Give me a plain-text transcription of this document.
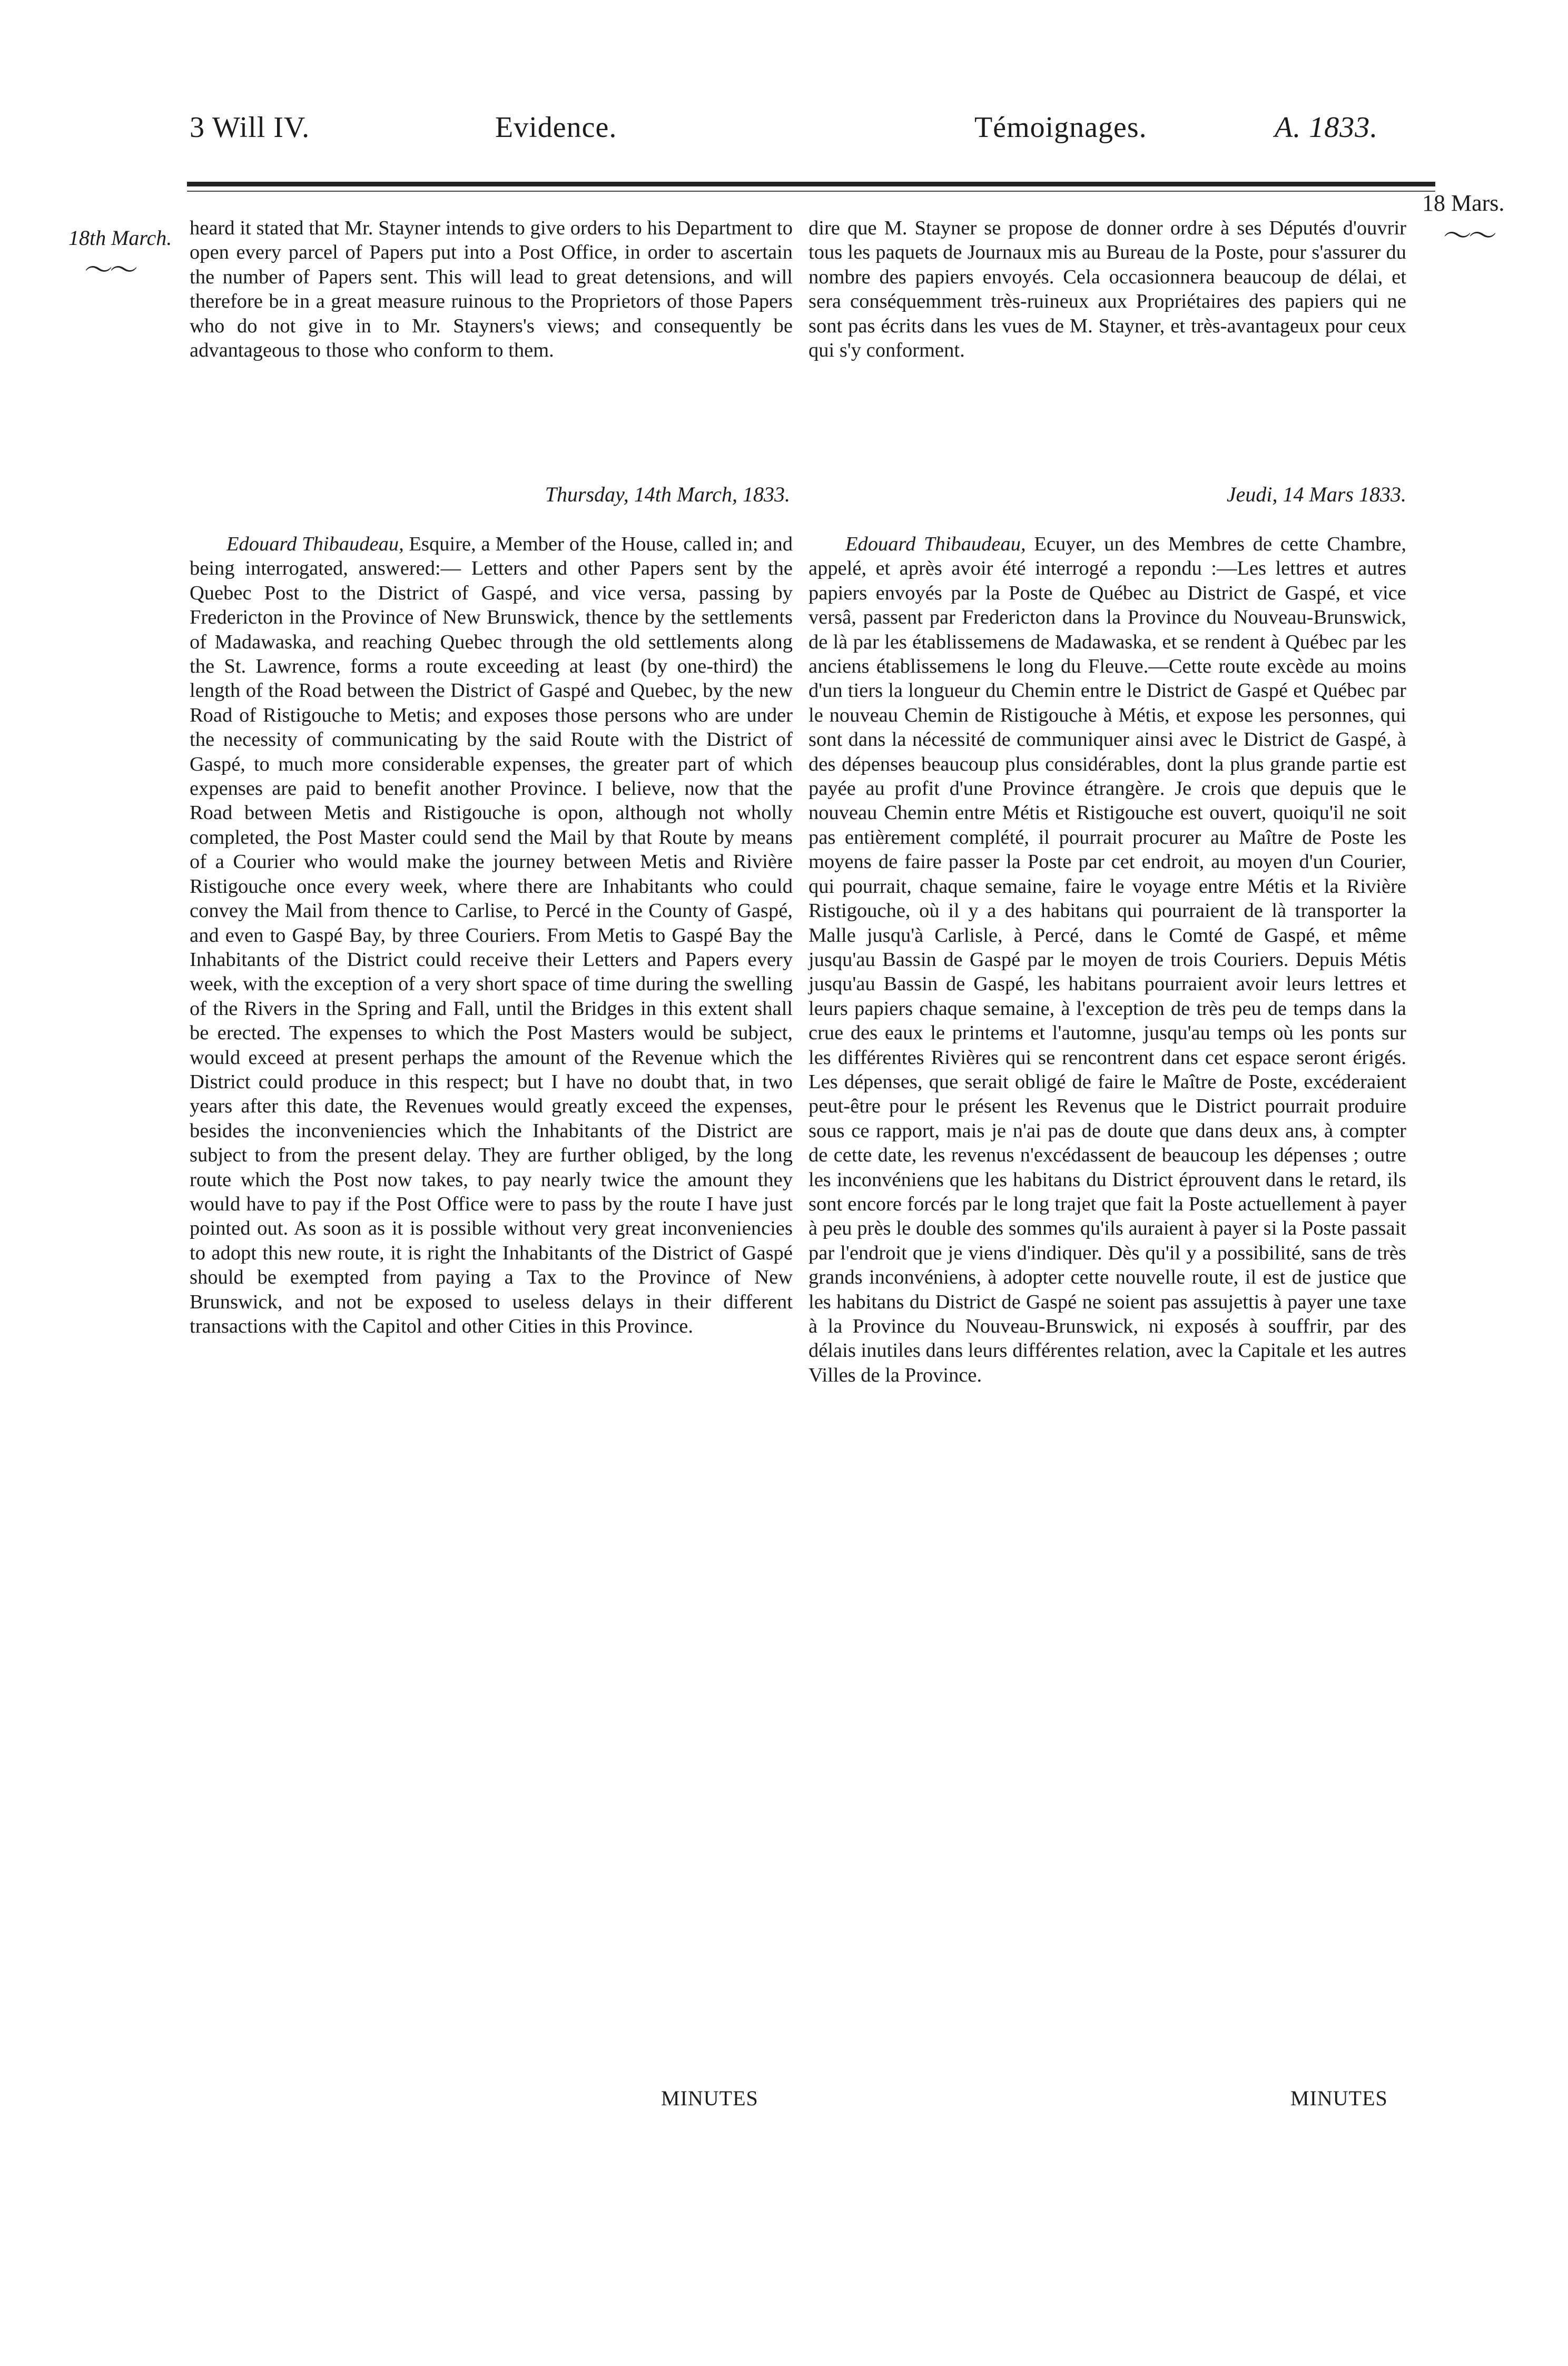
3 Will IV.	Evidence.	Témoignages.	A. 1833.
18th March.
〜〜
18 Mars.
〜〜

heard it stated that Mr. Stayner intends to give orders to his Department to open every parcel of Papers put into a Post Office, in order to ascertain the number of Papers sent. This will lead to great detensions, and will therefore be in a great measure ruinous to the Proprietors of those Papers who do not give in to Mr. Stayners's views; and consequently be advantageous to those who conform to them.

dire que M. Stayner se propose de donner ordre à ses Députés d'ouvrir tous les paquets de Journaux mis au Bureau de la Poste, pour s'assurer du nombre des papiers envoyés. Cela occasionnera beaucoup de délai, et sera conséquemment très-ruineux aux Propriétaires des papiers qui ne sont pas écrits dans les vues de M. Stayner, et très-avantageux pour ceux qui s'y conforment.

Thursday, 14th March, 1833.	Jeudi, 14 Mars 1833.

Edouard Thibaudeau, Esquire, a Member of the House, called in; and being interrogated, answered:— Letters and other Papers sent by the Quebec Post to the District of Gaspé, and vice versa, passing by Fredericton in the Province of New Brunswick, thence by the settlements of Madawaska, and reaching Quebec through the old settlements along the St. Lawrence, forms a route exceeding at least (by one-third) the length of the Road between the District of Gaspé and Quebec, by the new Road of Ristigouche to Metis; and exposes those persons who are under the necessity of communicating by the said Route with the District of Gaspé, to much more considerable expenses, the greater part of which expenses are paid to benefit another Province. I believe, now that the Road between Metis and Ristigouche is opon, although not wholly completed, the Post Master could send the Mail by that Route by means of a Courier who would make the journey between Metis and Rivière Ristigouche once every week, where there are Inhabitants who could convey the Mail from thence to Carlise, to Percé in the County of Gaspé, and even to Gaspé Bay, by three Couriers. From Metis to Gaspé Bay the Inhabitants of the District could receive their Letters and Papers every week, with the exception of a very short space of time during the swelling of the Rivers in the Spring and Fall, until the Bridges in this extent shall be erected. The expenses to which the Post Masters would be subject, would exceed at present perhaps the amount of the Revenue which the District could produce in this respect; but I have no doubt that, in two years after this date, the Revenues would greatly exceed the expenses, besides the inconveniencies which the Inhabitants of the District are subject to from the present delay. They are further obliged, by the long route which the Post now takes, to pay nearly twice the amount they would have to pay if the Post Office were to pass by the route I have just pointed out. As soon as it is possible without very great inconveniencies to adopt this new route, it is right the Inhabitants of the District of Gaspé should be exempted from paying a Tax to the Province of New Brunswick, and not be exposed to useless delays in their different transactions with the Capitol and other Cities in this Province.

Edouard Thibaudeau, Ecuyer, un des Membres de cette Chambre, appelé, et après avoir été interrogé a repondu :—Les lettres et autres papiers envoyés par la Poste de Québec au District de Gaspé, et vice versâ, passent par Fredericton dans la Province du Nouveau-Brunswick, de là par les établissemens de Madawaska, et se rendent à Québec par les anciens établissemens le long du Fleuve.—Cette route excède au moins d'un tiers la longueur du Chemin entre le District de Gaspé et Québec par le nouveau Chemin de Ristigouche à Métis, et expose les personnes, qui sont dans la nécessité de communiquer ainsi avec le District de Gaspé, à des dépenses beaucoup plus considérables, dont la plus grande partie est payée au profit d'une Province étrangère. Je crois que depuis que le nouveau Chemin entre Métis et Ristigouche est ouvert, quoiqu'il ne soit pas entièrement complété, il pourrait procurer au Maître de Poste les moyens de faire passer la Poste par cet endroit, au moyen d'un Courier, qui pourrait, chaque semaine, faire le voyage entre Métis et la Rivière Ristigouche, où il y a des habitans qui pourraient de là transporter la Malle jusqu'à Carlisle, à Percé, dans le Comté de Gaspé, et même jusqu'au Bassin de Gaspé par le moyen de trois Couriers. Depuis Métis jusqu'au Bassin de Gaspé, les habitans pourraient avoir leurs lettres et leurs papiers chaque semaine, à l'exception de très peu de temps dans la crue des eaux le printems et l'automne, jusqu'au temps où les ponts sur les différentes Rivières qui se rencontrent dans cet espace seront érigés. Les dépenses, que serait obligé de faire le Maître de Poste, excéderaient peut-être pour le présent les Revenus que le District pourrait produire sous ce rapport, mais je n'ai pas de doute que dans deux ans, à compter de cette date, les revenus n'excédassent de beaucoup les dépenses ; outre les inconvéniens que les habitans du District éprouvent dans le retard, ils sont encore forcés par le long trajet que fait la Poste actuellement à payer à peu près le double des sommes qu'ils auraient à payer si la Poste passait par l'endroit que je viens d'indiquer. Dès qu'il y a possibilité, sans de très grands inconvéniens, à adopter cette nouvelle route, il est de justice que les habitans du District de Gaspé ne soient pas assujettis à payer une taxe à la Province du Nouveau-Brunswick, ni exposés à souffrir, par des délais inutiles dans leurs différentes relation, avec la Capitale et les autres Villes de la Province.

MINUTES	MINUTES
